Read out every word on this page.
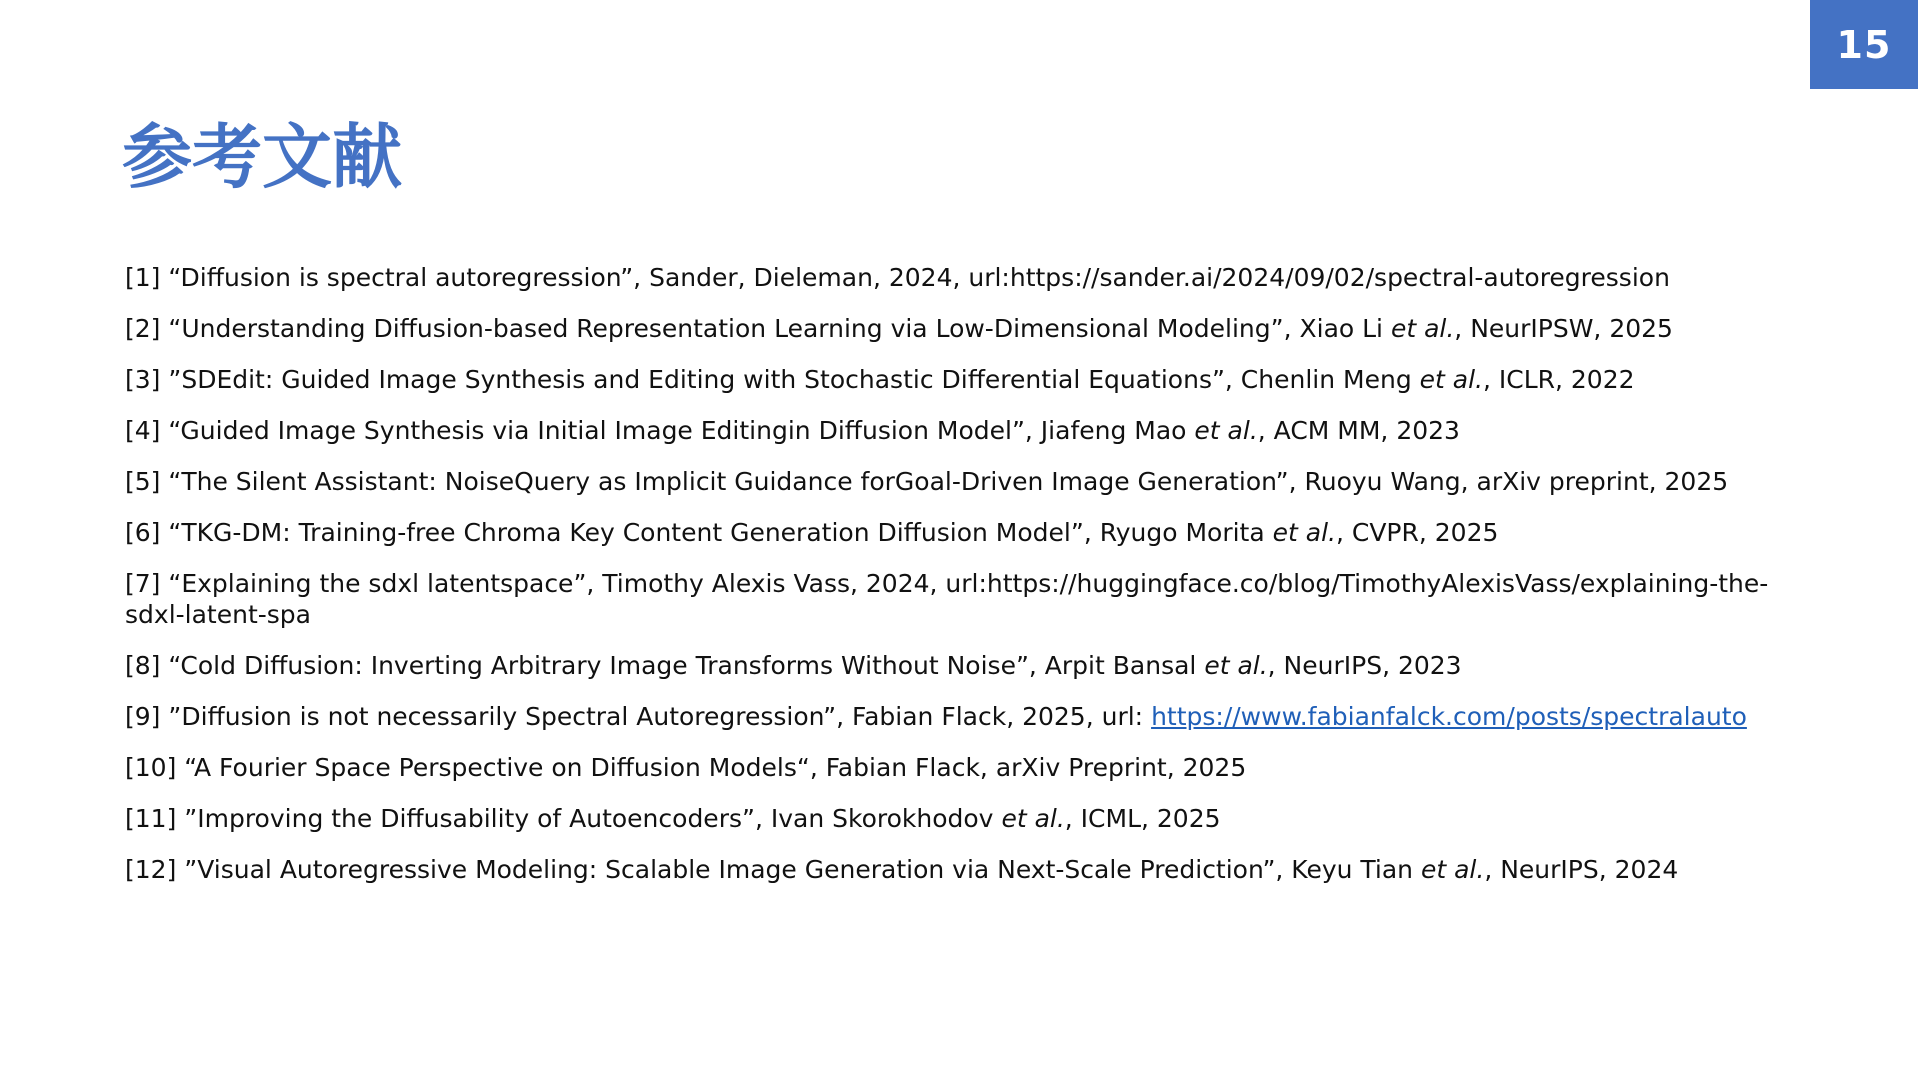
15
参考文献
[1] “Diffusion is spectral autoregression”, Sander, Dieleman, 2024, url:https://sander.ai/2024/09/02/spectral-autoregression
[2] “Understanding Diffusion-based Representation Learning via Low-Dimensional Modeling”, Xiao Li et al., NeurIPSW, 2025
[3] ”SDEdit: Guided Image Synthesis and Editing with Stochastic Differential Equations”, Chenlin Meng et al., ICLR, 2022
[4] “Guided Image Synthesis via Initial Image Editingin Diffusion Model”, Jiafeng Mao et al., ACM MM, 2023
[5] “The Silent Assistant: NoiseQuery as Implicit Guidance forGoal-Driven Image Generation”, Ruoyu Wang, arXiv preprint, 2025
[6] “TKG-DM: Training-free Chroma Key Content Generation Diffusion Model”, Ryugo Morita et al., CVPR, 2025
[7] “Explaining the sdxl latentspace”, Timothy Alexis Vass, 2024, url:https://huggingface.co/blog/TimothyAlexisVass/explaining-the-sdxl-latent-spa
[8] “Cold Diffusion: Inverting Arbitrary Image Transforms Without Noise”, Arpit Bansal et al., NeurIPS, 2023
[9] ”Diffusion is not necessarily Spectral Autoregression”, Fabian Flack, 2025, url: https://www.fabianfalck.com/posts/spectralauto
[10] “A Fourier Space Perspective on Diffusion Models“, Fabian Flack, arXiv Preprint, 2025
[11] ”Improving the Diffusability of Autoencoders”, Ivan Skorokhodov et al., ICML, 2025
[12] ”Visual Autoregressive Modeling: Scalable Image Generation via Next-Scale Prediction”, Keyu Tian et al., NeurIPS, 2024
